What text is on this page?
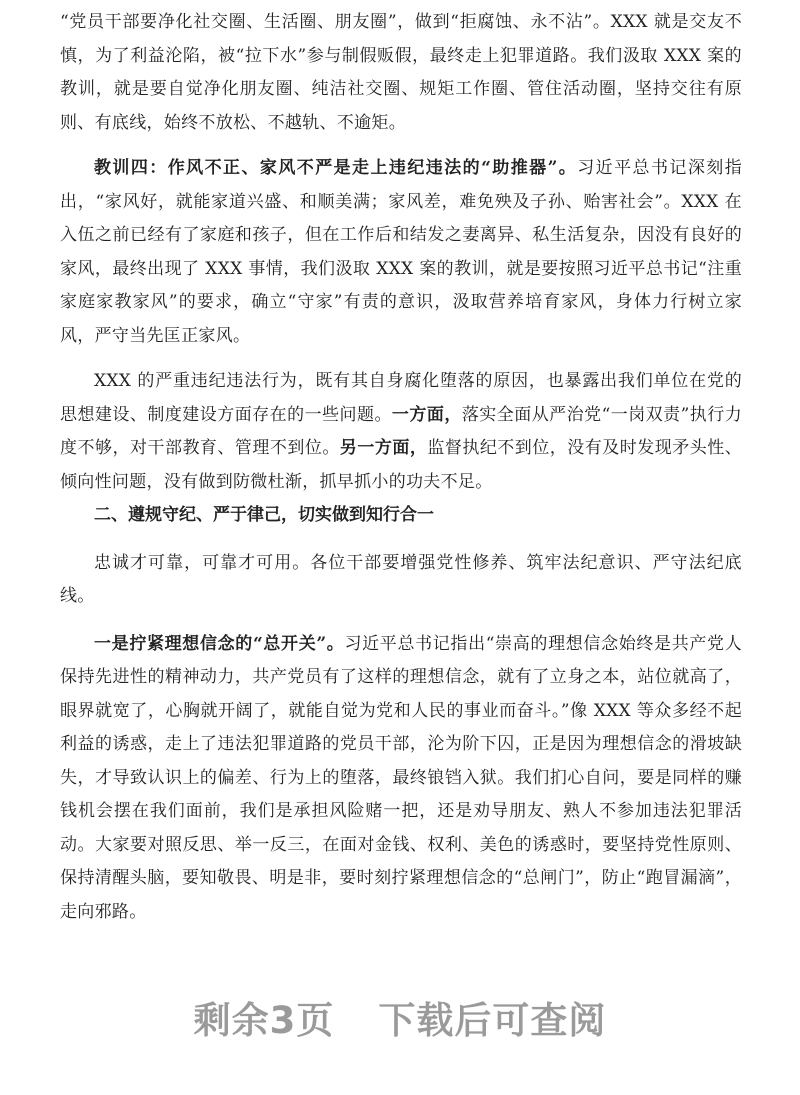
“党员干部要净化社交圈、生活圈、朋友圈”，做到“拒腐蚀、永不沾”。XXX 就是交友不慎，为了利益沦陷，被“拉下水”参与制假贩假，最终走上犯罪道路。我们汲取 XXX 案的教训，就是要自觉净化朋友圈、纯洁社交圈、规矩工作圈、管住活动圈，坚持交往有原则、有底线，始终不放松、不越轨、不逾矩。

教训四：作风不正、家风不严是走上违纪违法的“助推器”。习近平总书记深刻指出，“家风好，就能家道兴盛、和顺美满；家风差，难免殃及子孙、贻害社会”。XXX 在入伍之前已经有了家庭和孩子，但在工作后和结发之妻离异、私生活复杂，因没有良好的家风，最终出现了 XXX 事情，我们汲取 XXX 案的教训，就是要按照习近平总书记“注重家庭家教家风”的要求，确立“守家”有责的意识，汲取营养培育家风，身体力行树立家风，严守当先匡正家风。

XXX 的严重违纪违法行为，既有其自身腐化堕落的原因，也暴露出我们单位在党的思想建设、制度建设方面存在的一些问题。一方面，落实全面从严治党“一岗双责”执行力度不够，对干部教育、管理不到位。另一方面，监督执纪不到位，没有及时发现矛头性、倾向性问题，没有做到防微杜渐，抓早抓小的功夫不足。

二、遵规守纪、严于律己，切实做到知行合一

忠诚才可靠，可靠才可用。各位干部要增强党性修养、筑牢法纪意识、严守法纪底线。

一是拧紧理想信念的“总开关”。习近平总书记指出“崇高的理想信念始终是共产党人保持先进性的精神动力，共产党员有了这样的理想信念，就有了立身之本，站位就高了，眼界就宽了，心胸就开阔了，就能自觉为党和人民的事业而奋斗。”像 XXX 等众多经不起利益的诱惑，走上了违法犯罪道路的党员干部，沦为阶下囚，正是因为理想信念的滑坡缺失，才导致认识上的偏差、行为上的堕落，最终锒铛入狱。我们扪心自问，要是同样的赚钱机会摆在我们面前，我们是承担风险赌一把，还是劝导朋友、熟人不参加违法犯罪活动。大家要对照反思、举一反三，在面对金钱、权利、美色的诱惑时，要坚持党性原则、保持清醒头脑，要知敬畏、明是非，要时刻拧紧理想信念的“总闸门”，防止“跑冒漏滴”，走向邪路。

剩余3页 下载后可查阅
